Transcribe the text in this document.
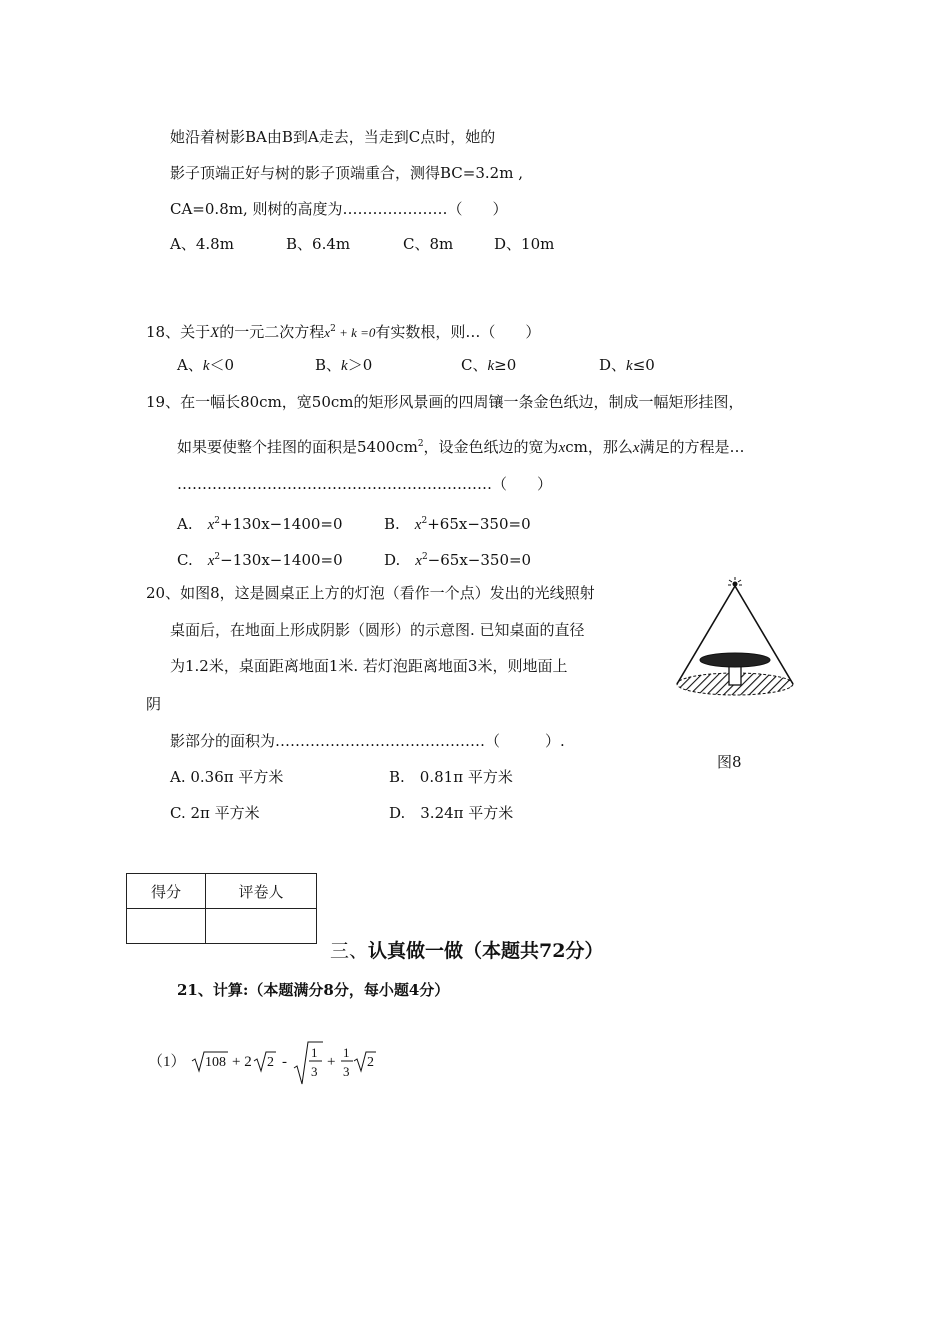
她沿着树影BA由B到A走去，当走到C点时，她的
影子顶端正好与树的影子顶端重合，测得BC=3.2m ,
CA=0.8m, 则树的高度为…………………（　　）
A、4.8m	B、6.4m	C、8m	D、10m
18、关于X的一元二次方程$x^2 + k =0$有实数根，则…（　　）
A、k＜0	B、k＞0	C、k≥0	D、k≤0
19、在一幅长80cm，宽50cm的矩形风景画的四周镶一条金色纸边，制成一幅矩形挂图，
如果要使整个挂图的面积是$5400cm^2$，设金色纸边的宽为xcm，那么x满足的方程是…
………………………………………………………（　　）
A.　$x^2+130x-1400=0$	B.　$x^2+65x-350=0$
C.　$x^2-130x-1400=0$	D.　$x^2-65x-350=0$
20、如图8，这是圆桌正上方的灯泡（看作一个点）发出的光线照射
桌面后，在地面上形成阴影（圆形）的示意图. 已知桌面的直径
为1.2米，桌面距离地面1米. 若灯泡距离地面3米，则地面上
阴
影部分的面积为……………………………………（　　　）.
A. 0.36π 平方米	B.　0.81π 平方米
C. 2π 平方米	D.　3.24π 平方米
图8
得分	评卷人

三、认真做一做（本题共72分）
21、计算:（本题满分8分，每小题4分）
（1） 108 + 2 2 -
1
3
+
1
3
2
